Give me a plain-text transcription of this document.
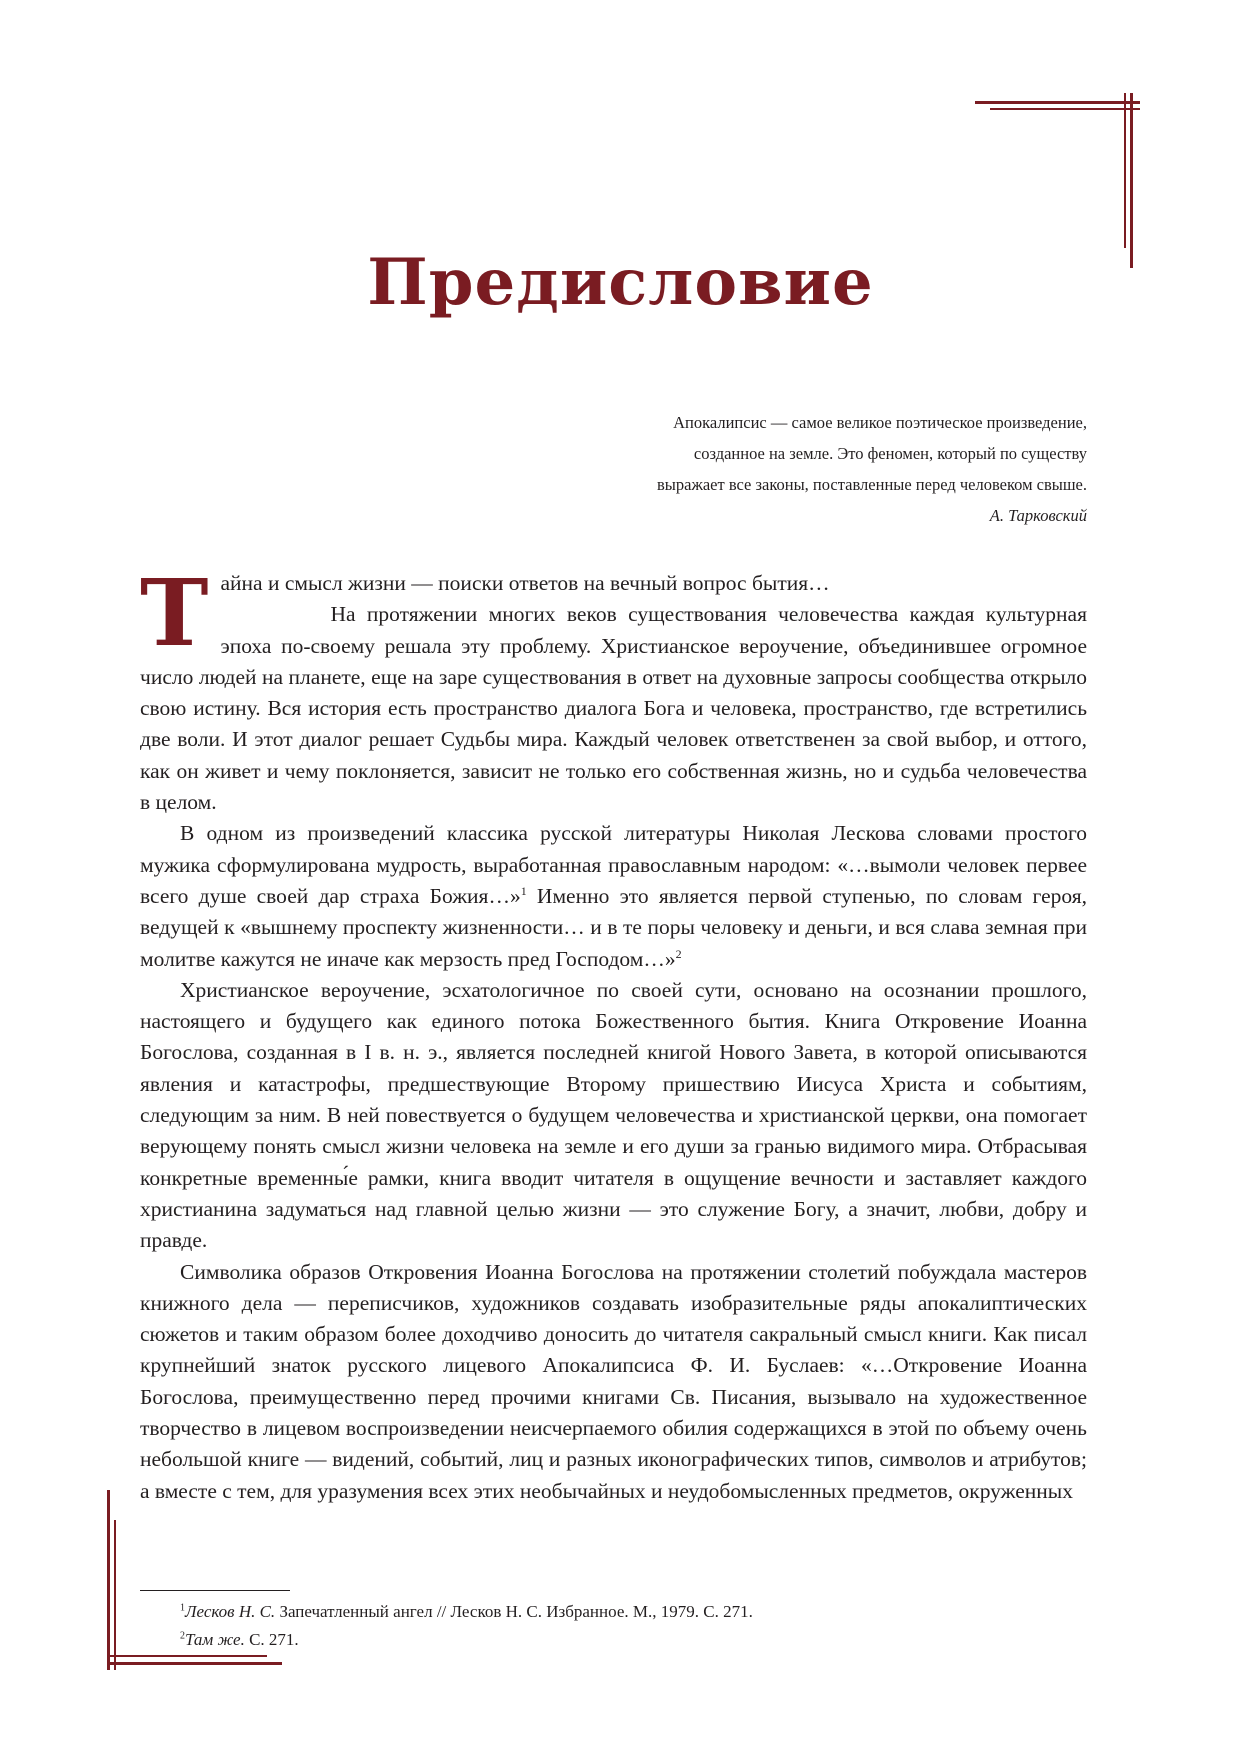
Предисловие
Апокалипсис — самое великое поэтическое произведение,
созданное на земле. Это феномен, который по существу
выражает все законы, поставленные перед человеком свыше.
А. Тарковский

Т айна и смысл жизни — поиски ответов на вечный вопрос бытия…
На протяжении многих веков существования человечества каждая культурная эпоха по-своему решала эту проблему. Христианское вероучение, объединившее огромное число людей на планете, еще на заре существования в ответ на духовные запросы сообщества открыло свою истину. Вся история есть пространство диалога Бога и человека, пространство, где встретились две воли. И этот диалог решает Судьбы мира. Каждый человек ответственен за свой выбор, и оттого, как он живет и чему поклоняется, зависит не только его собственная жизнь, но и судьба человечества в целом.

В одном из произведений классика русской литературы Николая Лескова словами простого мужика сформулирована мудрость, выработанная православным народом: «…вымоли человек первее всего душе своей дар страха Божия…»$^1$ Именно это является первой ступенью, по словам героя, ведущей к «вышнему проспекту жизненности… и в те поры человеку и деньги, и вся слава земная при молитве кажутся не иначе как мерзость пред Господом…»$^2$

Христианское вероучение, эсхатологичное по своей сути, основано на осознании прошлого, настоящего и будущего как единого потока Божественного бытия. Книга Откровение Иоанна Богослова, созданная в I в. н. э., является последней книгой Нового Завета, в которой описываются явления и катастрофы, предшествующие Второму пришествию Иисуса Христа и событиям, следующим за ним. В ней повествуется о будущем человечества и христианской церкви, она помогает верующему понять смысл жизни человека на земле и его души за гранью видимого мира. Отбрасывая конкретные временны́е рамки, книга вводит читателя в ощущение вечности и заставляет каждого христианина задуматься над главной целью жизни — это служение Богу, а значит, любви, добру и правде.

Символика образов Откровения Иоанна Богослова на протяжении столетий побуждала мастеров книжного дела — переписчиков, художников создавать изобразительные ряды апокалиптических сюжетов и таким образом более доходчиво доносить до читателя сакральный смысл книги. Как писал крупнейший знаток русского лицевого Апокалипсиса Ф. И. Буслаев: «…Откровение Иоанна Богослова, преимущественно перед прочими книгами Св. Писания, вызывало на художественное творчество в лицевом воспроизведении неисчерпаемого обилия содержащихся в этой по объему очень небольшой книге — видений, событий, лиц и разных иконографических типов, символов и атрибутов; а вместе с тем, для уразумения всех этих необычайных и неудобомысленных предметов, окруженных

$^1$Лесков Н. С. Запечатленный ангел // Лесков Н. С. Избранное. М., 1979. С. 271.
$^2$Там же. С. 271.
